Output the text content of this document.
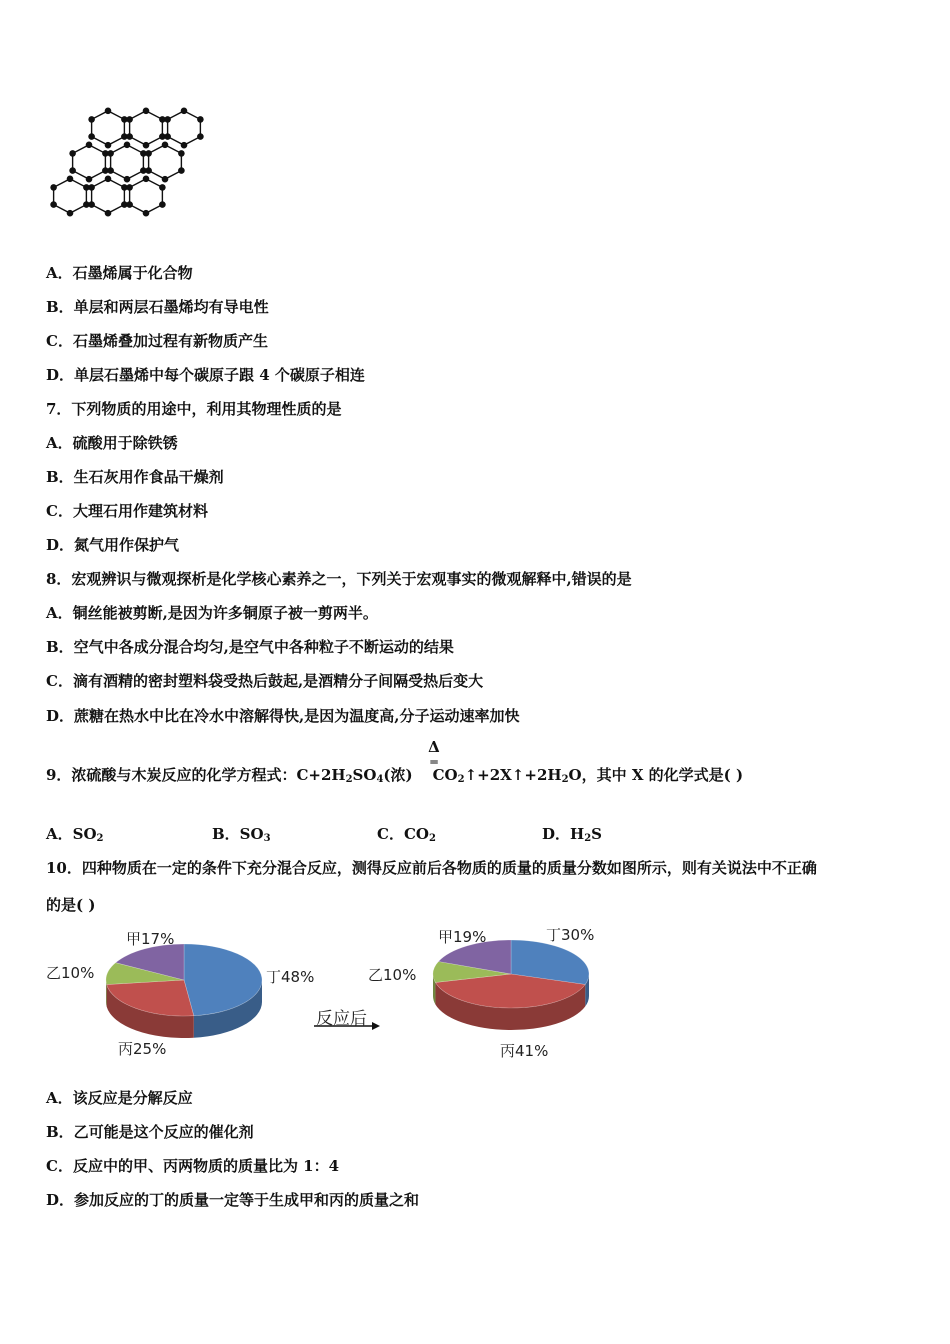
A．石墨烯属于化合物
B．单层和两层石墨烯均有导电性
C．石墨烯叠加过程有新物质产生
D．单层石墨烯中每个碳原子跟 4 个碳原子相连
7．下列物质的用途中，利用其物理性质的是
A．硫酸用于除铁锈
B．生石灰用作食品干燥剂
C．大理石用作建筑材料
D．氮气用作保护气
8．宏观辨识与微观探析是化学核心素养之一，下列关于宏观事实的微观解释中,错误的是
A．铜丝能被剪断,是因为许多铜原子被一剪两半。
B．空气中各成分混合均匀,是空气中各种粒子不断运动的结果
C．滴有酒精的密封塑料袋受热后鼓起,是酒精分子间隔受热后变大
D．蔗糖在热水中比在冷水中溶解得快,是因为温度高,分子运动速率加快
Δ
═
9．浓硫酸与木炭反应的化学方程式：$C+2H_2SO_4$(浓) $CO_2↑+2X↑+2H_2O$，其中 X 的化学式是( )
A．$SO_2$	B．$SO_3$	C．$CO_2$	D．$H_2S$
10．四种物质在一定的条件下充分混合反应，测得反应前后各物质的质量的质量分数如图所示，则有关说法中不正确
的是( )
甲17%
乙10%
丙25%
丁48%
反应后
甲19%
乙10%
丙41%
丁30%
A．该反应是分解反应
B．乙可能是这个反应的催化剂
C．反应中的甲、丙两物质的质量比为 1：4
D．参加反应的丁的质量一定等于生成甲和丙的质量之和
